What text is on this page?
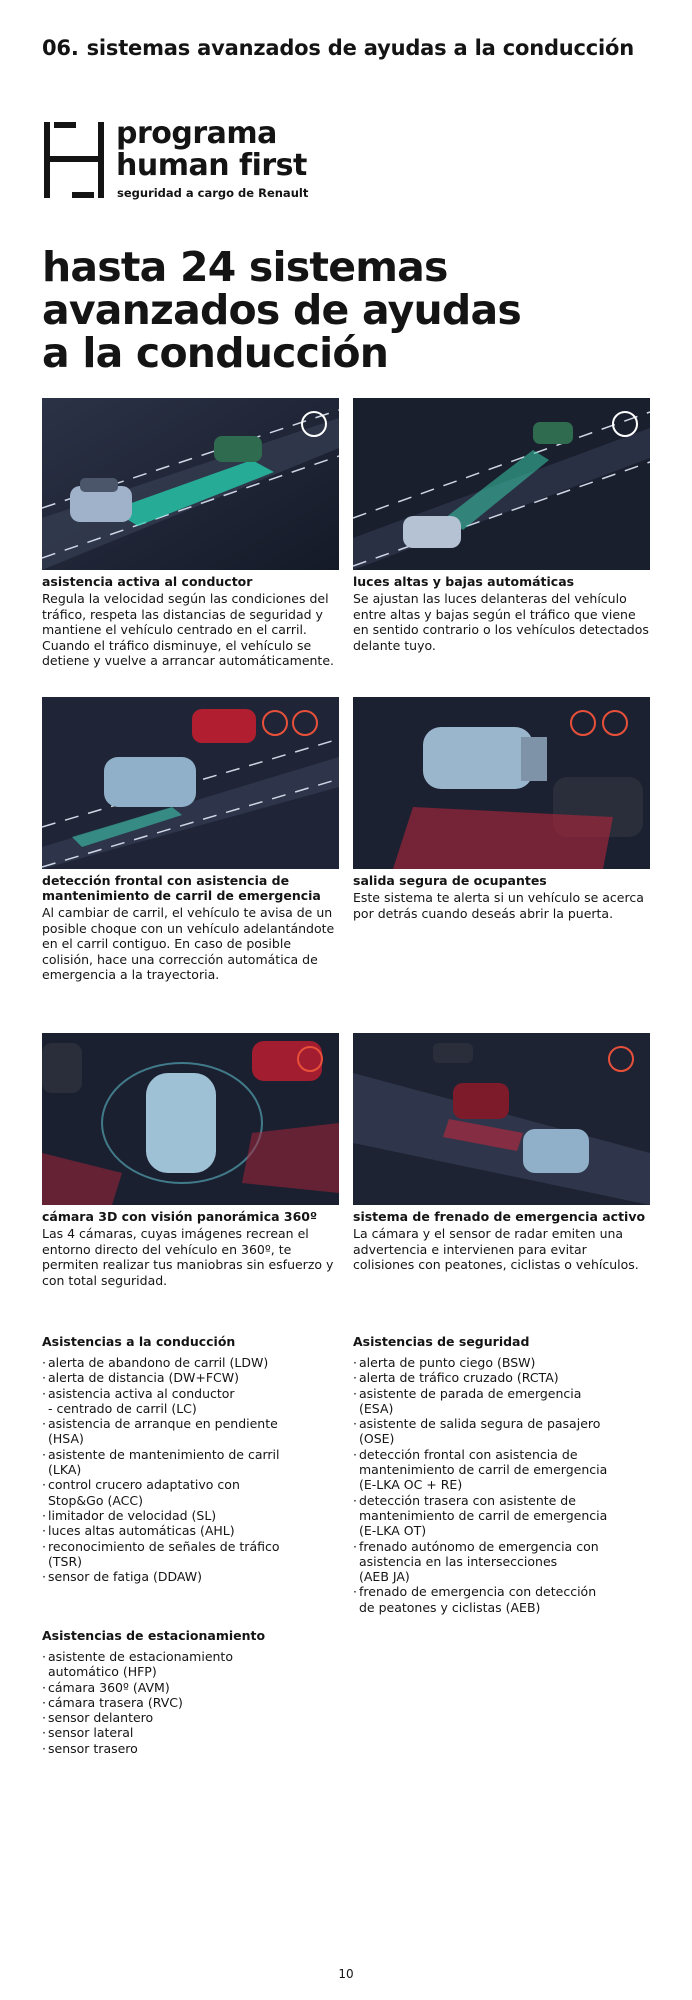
06. sistemas avanzados de ayudas a la conducción
programa
human first
seguridad a cargo de Renault
hasta 24 sistemas
avanzados de ayudas
a la conducción
asistencia activa al conductor
Regula la velocidad según las condiciones del tráfico, respeta las distancias de seguridad y mantiene el vehículo centrado en el carril. Cuando el tráfico disminuye, el vehículo se detiene y vuelve a arrancar automáticamente.
luces altas y bajas automáticas
Se ajustan las luces delanteras del vehículo entre altas y bajas según el tráfico que viene en sentido contrario o los vehículos detectados delante tuyo.
detección frontal con asistencia de mantenimiento de carril de emergencia
Al cambiar de carril, el vehículo te avisa de un posible choque con un vehículo adelantándote en el carril contiguo. En caso de posible colisión, hace una corrección automática de emergencia a la trayectoria.
salida segura de ocupantes
Este sistema te alerta si un vehículo se acerca por detrás cuando deseás abrir la puerta.
cámara 3D con visión panorámica 360º
Las 4 cámaras, cuyas imágenes recrean el entorno directo del vehículo en 360º, te permiten realizar tus maniobras sin esfuerzo y con total seguridad.
sistema de frenado de emergencia activo
La cámara y el sensor de radar emiten una advertencia e intervienen para evitar colisiones con peatones, ciclistas o vehículos.
Asistencias a la conducción
· alerta de abandono de carril (LDW)
· alerta de distancia (DW+FCW)
· asistencia activa al conductor
- centrado de carril (LC)
· asistencia de arranque en pendiente
(HSA)
· asistente de mantenimiento de carril
(LKA)
· control crucero adaptativo con
Stop&Go (ACC)
· limitador de velocidad (SL)
· luces altas automáticas (AHL)
· reconocimiento de señales de tráfico
(TSR)
· sensor de fatiga (DDAW)
Asistencias de estacionamiento
· asistente de estacionamiento
automático (HFP)
· cámara 360º (AVM)
· cámara trasera (RVC)
· sensor delantero
· sensor lateral
· sensor trasero
Asistencias de seguridad
· alerta de punto ciego (BSW)
· alerta de tráfico cruzado (RCTA)
· asistente de parada de emergencia
(ESA)
· asistente de salida segura de pasajero
(OSE)
· detección frontal con asistencia de
mantenimiento de carril de emergencia
(E-LKA OC + RE)
· detección trasera con asistente de
mantenimiento de carril de emergencia
(E-LKA OT)
· frenado autónomo de emergencia con
asistencia en las intersecciones
(AEB JA)
· frenado de emergencia con detección
de peatones y ciclistas (AEB)
10
